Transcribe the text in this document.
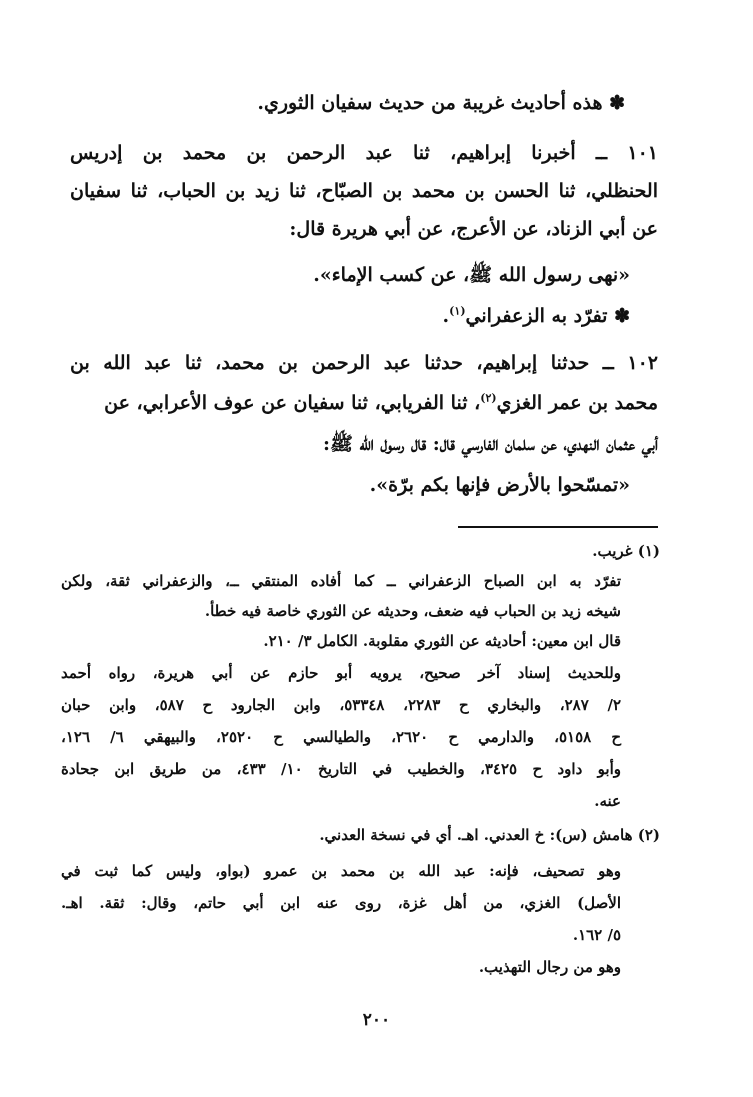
✽ هذه أحاديث غريبة من حديث سفيان الثوري.
١٠١ ــ أخبرنا إبراهيم، ثنا عبد الرحمن بن محمد بن إدريس
الحنظلي، ثنا الحسن بن محمد بن الصبّاح، ثنا زيد بن الحباب، ثنا سفيان
عن أبي الزناد، عن الأعرج، عن أبي هريرة قال:
«نهى رسول الله ﷺ، عن كسب الإماء».
✽ تفرّد به الزعفراني$^{(١)}$.
١٠٢ ــ حدثنا إبراهيم، حدثنا عبد الرحمن بن محمد، ثنا عبد الله بن
محمد بن عمر الغزي$^{(٢)}$، ثنا الفريابي، ثنا سفيان عن عوف الأعرابي، عن
أبي عثمان النهدي، عن سلمان الفارسي قال: قال رسول الله ﷺ:
«تمسّحوا بالأرض فإنها بكم برّة».
(١) غريب.
تفرّد به ابن الصباح الزعفراني ــ كما أفاده المنتقي ــ، والزعفراني ثقة، ولكن
شيخه زيد بن الحباب فيه ضعف، وحديثه عن الثوري خاصة فيه خطأ.
قال ابن معين: أحاديثه عن الثوري مقلوبة. الكامل ٣/ ٢١٠.
وللحديث إسناد آخر صحيح، يرويه أبو حازم عن أبي هريرة، رواه أحمد
٢/ ٢٨٧، والبخاري ح ٢٢٨٣، ٥٣٣٤٨، وابن الجارود ح ٥٨٧، وابن حبان
ح ٥١٥٨، والدارمي ح ٢٦٢٠، والطيالسي ح ٢٥٢٠، والبيهقي ٦/ ١٢٦،
وأبو داود ح ٣٤٢٥، والخطيب في التاريخ ١٠/ ٤٣٣، من طريق ابن جحادة
عنه.
(٢) هامش (س): خ العدني. اهـ. أي في نسخة العدني.
وهو تصحيف، فإنه: عبد الله بن محمد بن عمرو (بواو، وليس كما ثبت في
الأصل) الغزي، من أهل غزة، روى عنه ابن أبي حاتم، وقال: ثقة. اهـ.
٥/ ١٦٢.
وهو من رجال التهذيب.
٢٠٠
